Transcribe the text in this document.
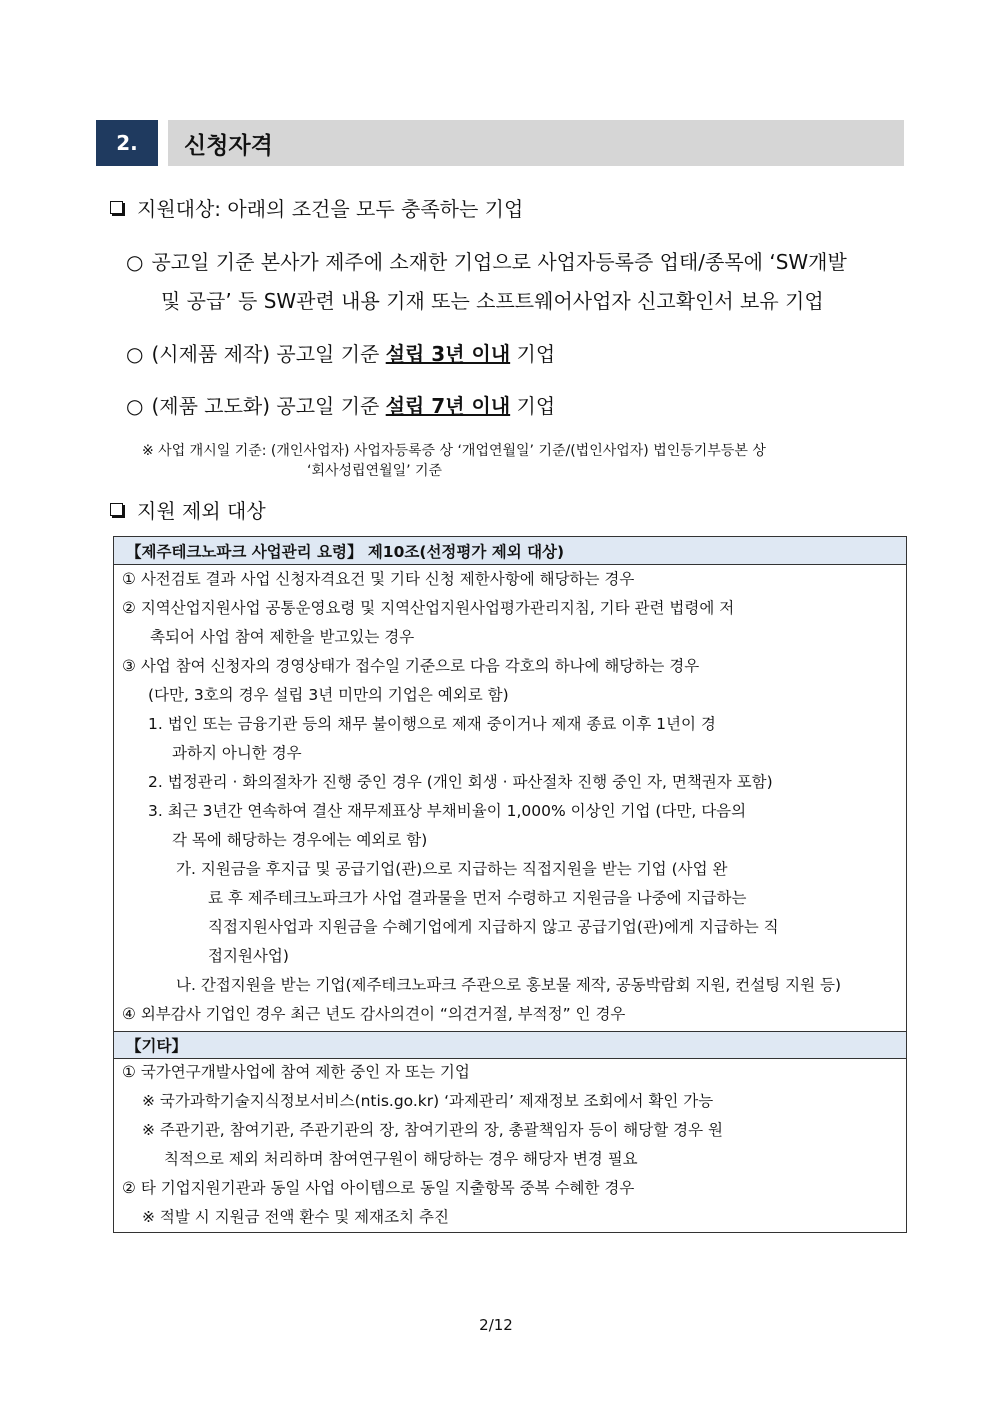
2.	신청자격
지원대상: 아래의 조건을 모두 충족하는 기업
○ 공고일 기준 본사가 제주에 소재한 기업으로 사업자등록증 업태/종목에 ‘SW개발
및 공급’ 등 SW관련 내용 기재 또는 소프트웨어사업자 신고확인서 보유 기업
○ (시제품 제작) 공고일 기준 설립 3년 이내 기업
○ (제품 고도화) 공고일 기준 설립 7년 이내 기업
※ 사업 개시일 기준: (개인사업자) 사업자등록증 상 ‘개업연월일’ 기준/(법인사업자) 법인등기부등본 상
‘회사성립연월일’ 기준
지원 제외 대상
【제주테크노파크 사업관리 요령】 제10조(선정평가 제외 대상)
① 사전검토 결과 사업 신청자격요건 및 기타 신청 제한사항에 해당하는 경우
② 지역산업지원사업 공통운영요령 및 지역산업지원사업평가관리지침, 기타 관련 법령에 저
촉되어 사업 참여 제한을 받고있는 경우
③ 사업 참여 신청자의 경영상태가 접수일 기준으로 다음 각호의 하나에 해당하는 경우
(다만, 3호의 경우 설립 3년 미만의 기업은 예외로 함)
1. 법인 또는 금융기관 등의 채무 불이행으로 제재 중이거나 제재 종료 이후 1년이 경
과하지 아니한 경우
2. 법정관리 · 화의절차가 진행 중인 경우 (개인 회생 · 파산절차 진행 중인 자, 면책권자 포함)
3. 최근 3년간 연속하여 결산 재무제표상 부채비율이 1,000% 이상인 기업 (다만, 다음의
각 목에 해당하는 경우에는 예외로 함)
가. 지원금을 후지급 및 공급기업(관)으로 지급하는 직접지원을 받는 기업 (사업 완
료 후 제주테크노파크가 사업 결과물을 먼저 수령하고 지원금을 나중에 지급하는
직접지원사업과 지원금을 수혜기업에게 지급하지 않고 공급기업(관)에게 지급하는 직
접지원사업)
나. 간접지원을 받는 기업(제주테크노파크 주관으로 홍보물 제작, 공동박람회 지원, 컨설팅 지원 등)
④ 외부감사 기업인 경우 최근 년도 감사의견이 “의견거절, 부적정” 인 경우
【기타】
① 국가연구개발사업에 참여 제한 중인 자 또는 기업
※ 국가과학기술지식정보서비스(ntis.go.kr) ‘과제관리’ 제재정보 조회에서 확인 가능
※ 주관기관, 참여기관, 주관기관의 장, 참여기관의 장, 총괄책임자 등이 해당할 경우 원
칙적으로 제외 처리하며 참여연구원이 해당하는 경우 해당자 변경 필요
② 타 기업지원기관과 동일 사업 아이템으로 동일 지출항목 중복 수혜한 경우
※ 적발 시 지원금 전액 환수 및 제재조치 추진
2/12
